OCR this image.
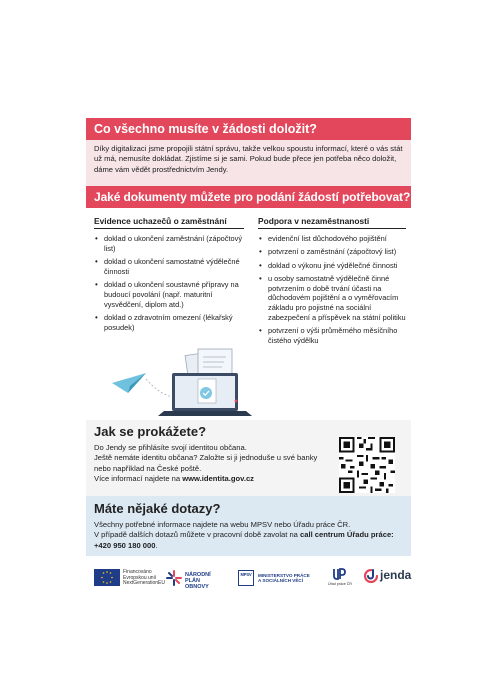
Co všechno musíte v žádosti doložit?
Díky digitalizaci jsme propojili státní správu, takže velkou spoustu informací, které o vás stát už má, nemusíte dokládat. Zjistíme si je sami. Pokud bude přece jen potřeba něco doložit, dáme vám vědět prostřednictvím Jendy.
Jaké dokumenty můžete pro podání žádostí potřebovat?
Evidence uchazečů o zaměstnání
• doklad o ukončení zaměstnání (zápočtový list)
• doklad o ukončení samostatné výdělečné činnosti
• doklad o ukončení soustavné přípravy na budoucí povolání (např. maturitní vysvědčení, diplom atd.)
• doklad o zdravotním omezení (lékařský posudek)
Podpora v nezaměstnanosti
• evidenční list důchodového pojištění
• potvrzení o zaměstnání (zápočtový list)
• doklad o výkonu jiné výdělečné činnosti
• u osoby samostatně výdělečně činné potvrzením o době trvání účasti na důchodovém pojištění a o vyměřovacím základu pro pojistné na sociální zabezpečení a příspěvek na státní politiku
• potvrzení o výši průměrného měsíčního čistého výdělku
Jak se prokážete?
Do Jendy se přihlásíte svojí identitou občana.
Ještě nemáte identitu občana? Založte si ji jednoduše u své banky nebo například na České poště.
Více informací najdete na www.identita.gov.cz
Máte nějaké dotazy?
Všechny potřebné informace najdete na webu MPSV nebo Úřadu práce ČR.
V případě dalších dotazů můžete v pracovní době zavolat na call centrum Úřadu práce: +420 950 180 000.
Financováno
Evropskou unií
NextGenerationEU
NÁRODNÍ
PLÁN OBNOVY
MPSV	MINISTERSTVO PRÁCE
A SOCIÁLNÍCH VĚCÍ
Úřad práce ČR
jenda
